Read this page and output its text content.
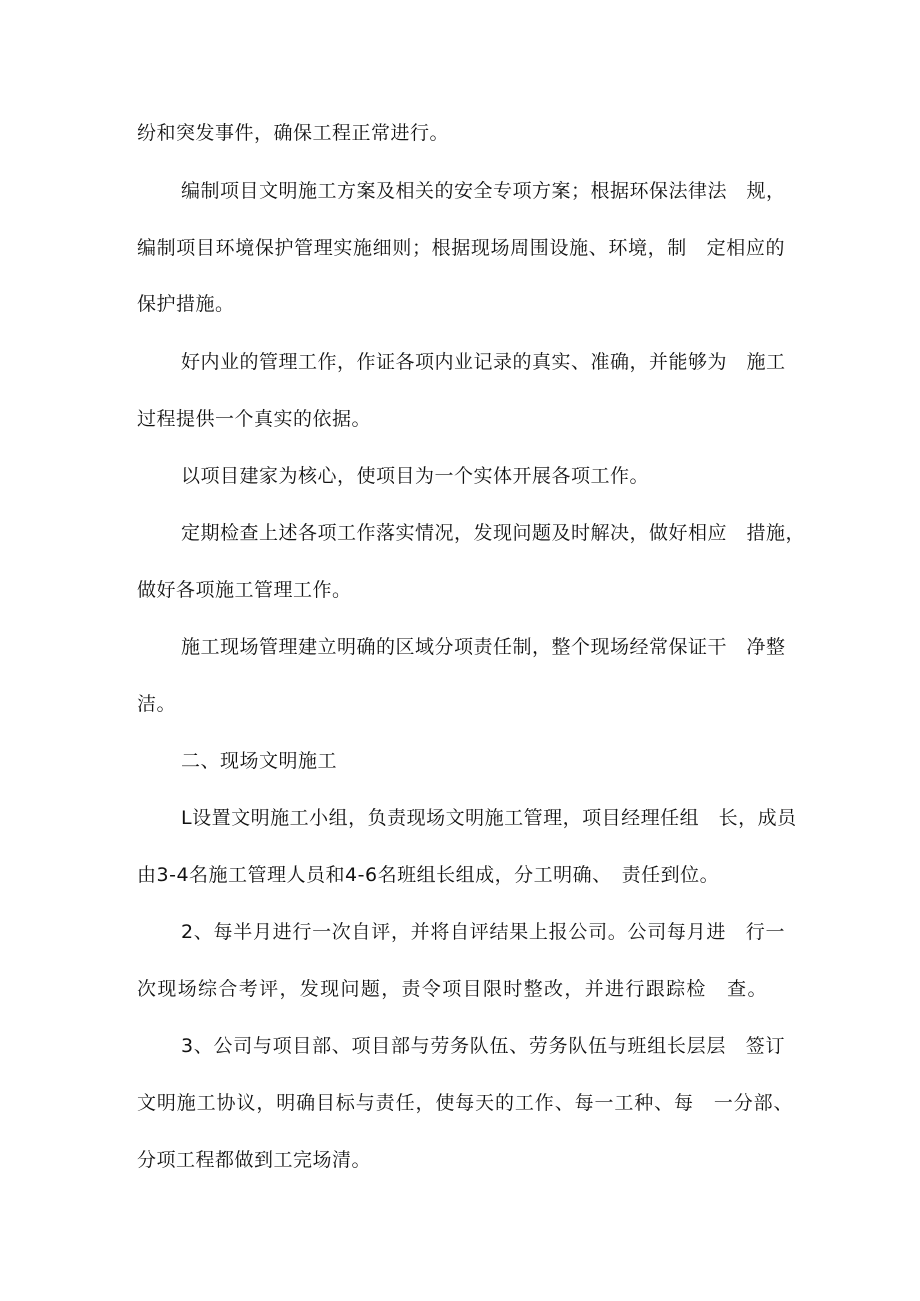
纷和突发事件，确保工程正常进行。
编制项目文明施工方案及相关的安全专项方案；根据环保法律法　规，
编制项目环境保护管理实施细则；根据现场周围设施、环境，制　定相应的
保护措施。
好内业的管理工作，作证各项内业记录的真实、准确，并能够为　施工
过程提供一个真实的依据。
以项目建家为核心，使项目为一个实体开展各项工作。
定期检查上述各项工作落实情况，发现问题及时解决，做好相应　措施，
做好各项施工管理工作。
施工现场管理建立明确的区域分项责任制，整个现场经常保证干　净整
洁。
二、现场文明施工
L设置文明施工小组，负责现场文明施工管理，项目经理任组　长，成员
由3-4名施工管理人员和4-6名班组长组成，分工明确、　责任到位。
2、每半月进行一次自评，并将自评结果上报公司。公司每月进　行一
次现场综合考评，发现问题，责令项目限时整改，并进行跟踪检　查。
3、公司与项目部、项目部与劳务队伍、劳务队伍与班组长层层　签订
文明施工协议，明确目标与责任，使每天的工作、每一工种、每　一分部、
分项工程都做到工完场清。
